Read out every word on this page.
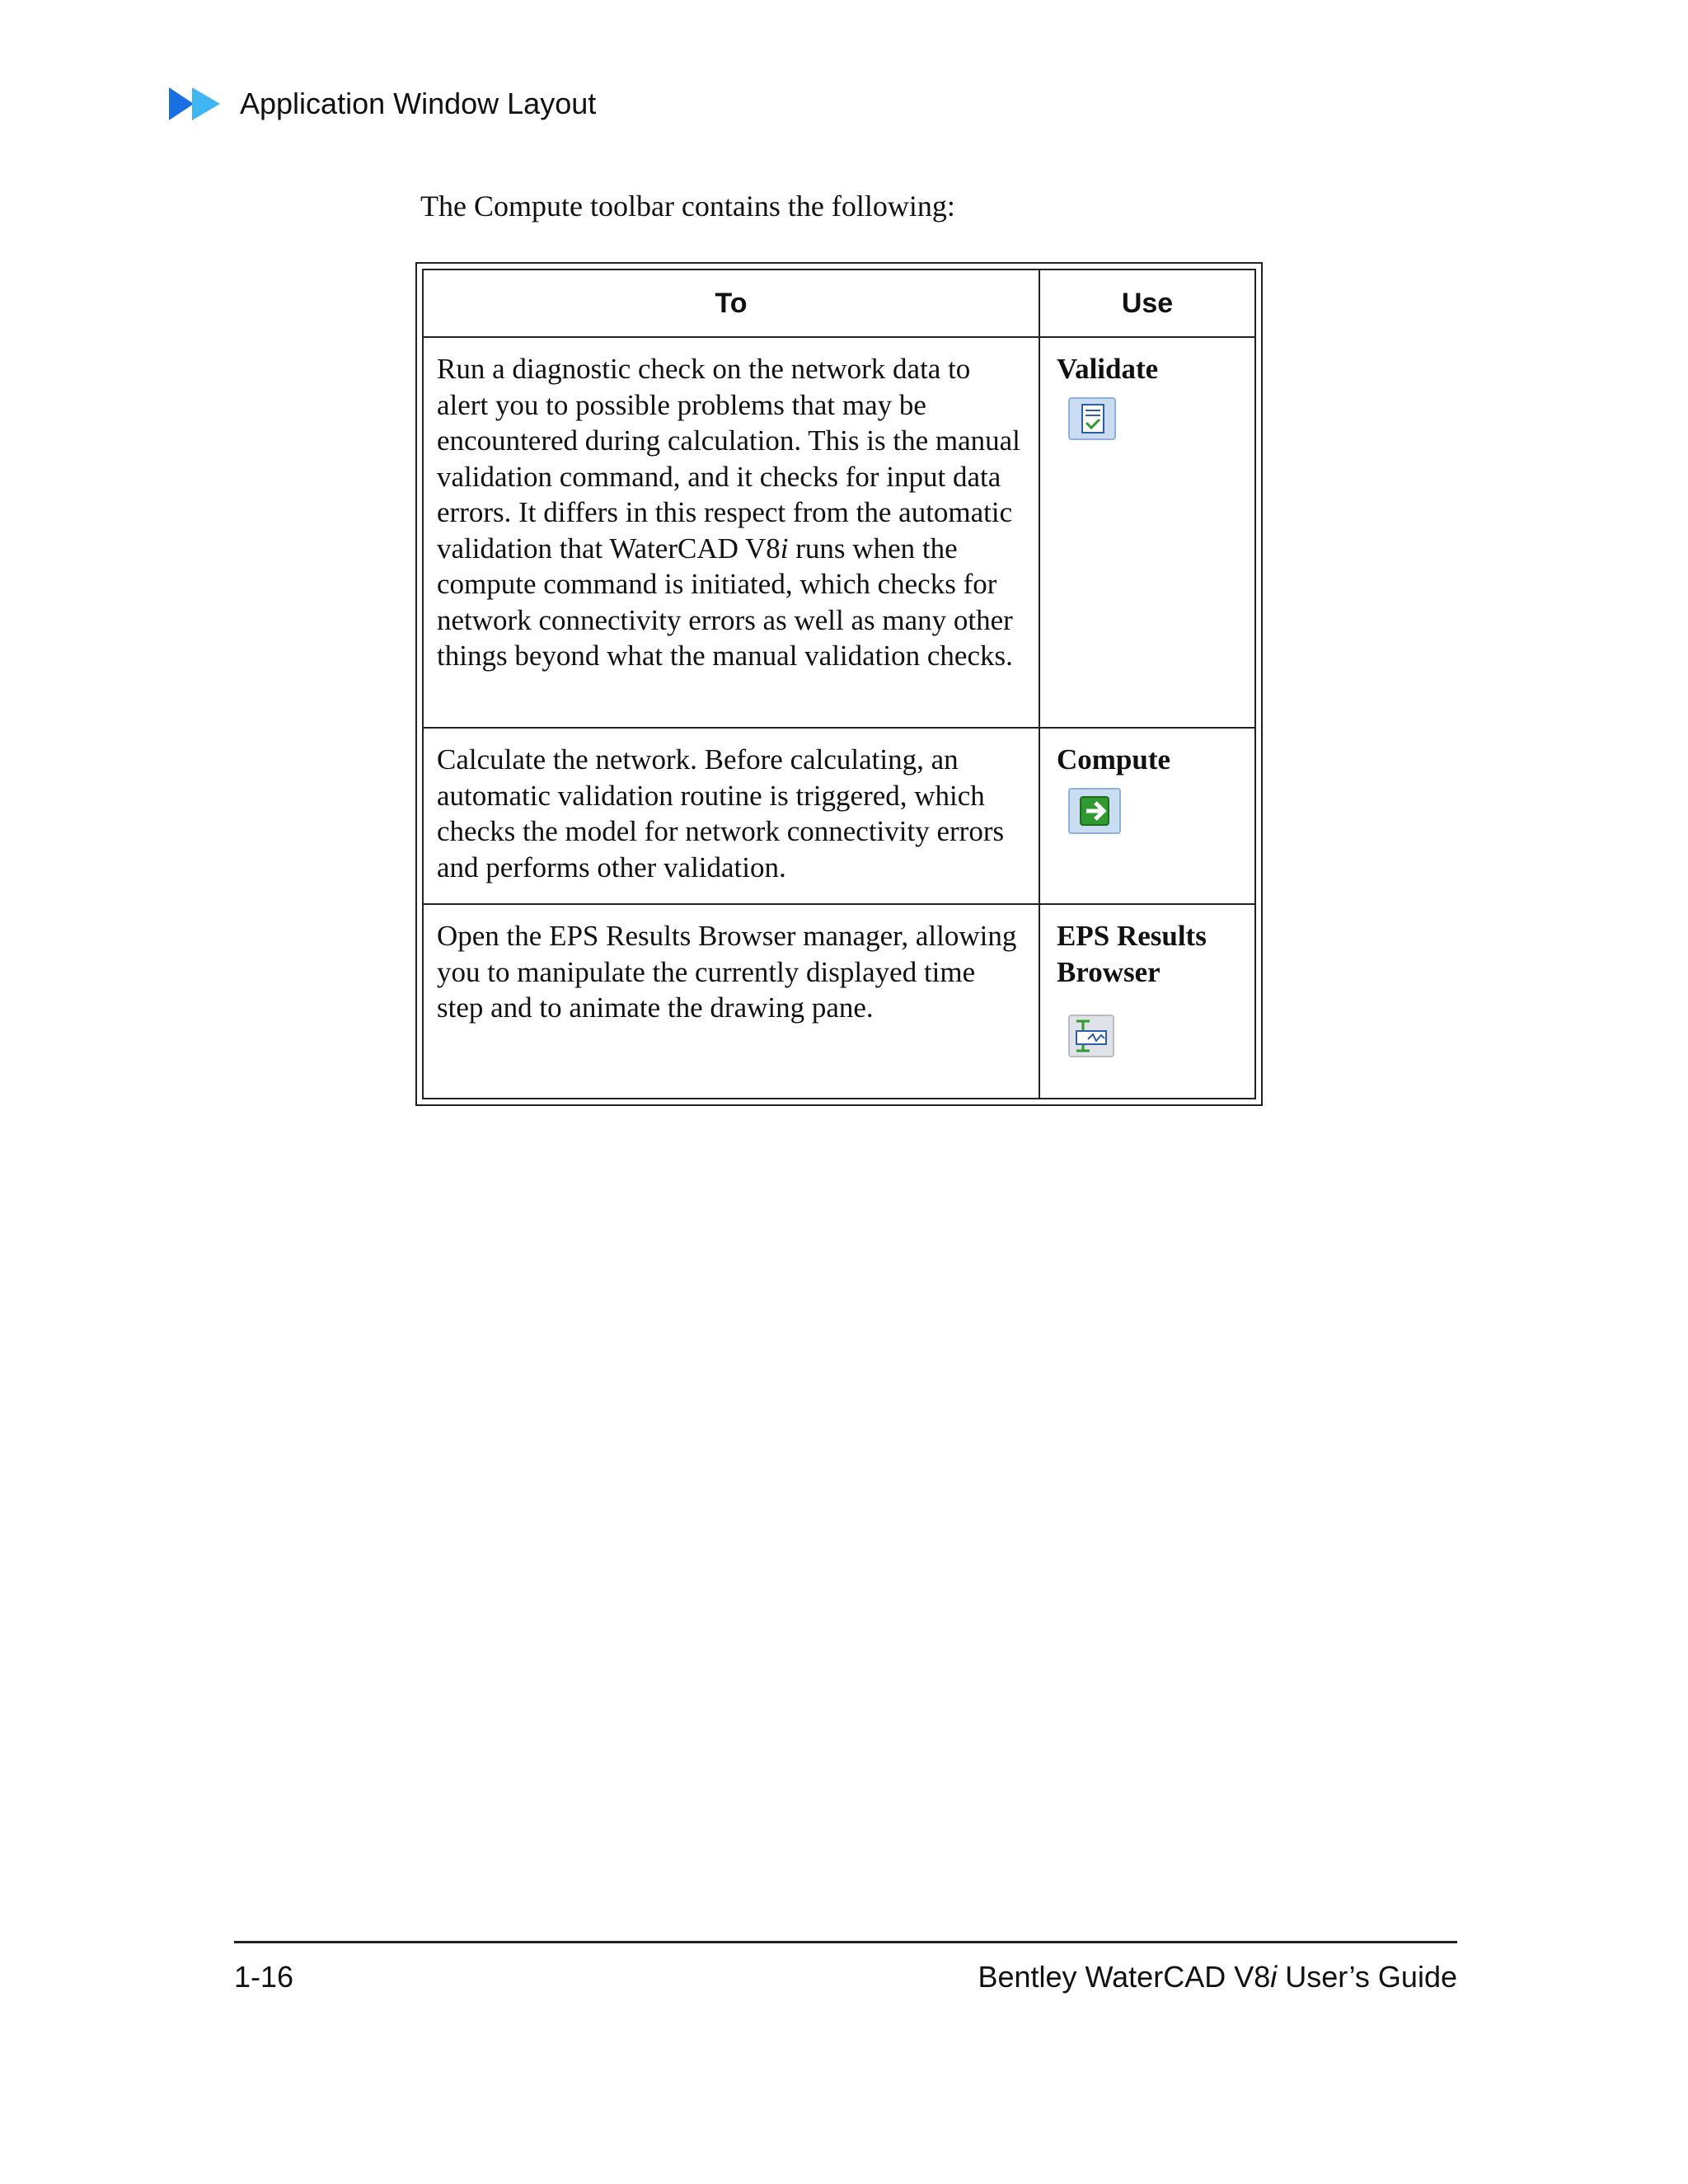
Application Window Layout
The Compute toolbar contains the following:
To	Use
Run a diagnostic check on the network data to alert you to possible problems that may be encountered during calculation. This is the manual validation command, and it checks for input data errors. It differs in this respect from the automatic validation that WaterCAD V8i runs when the compute command is initiated, which checks for network connectivity errors as well as many other things beyond what the manual validation checks.	Validate

Calculate the network. Before calculating, an automatic validation routine is triggered, which checks the model for network connectivity errors and performs other validation.	Compute

Open the EPS Results Browser manager, allowing you to manipulate the currently displayed time step and to animate the drawing pane.	EPS Results
Browser
1-16	Bentley WaterCAD V8i User’s Guide
